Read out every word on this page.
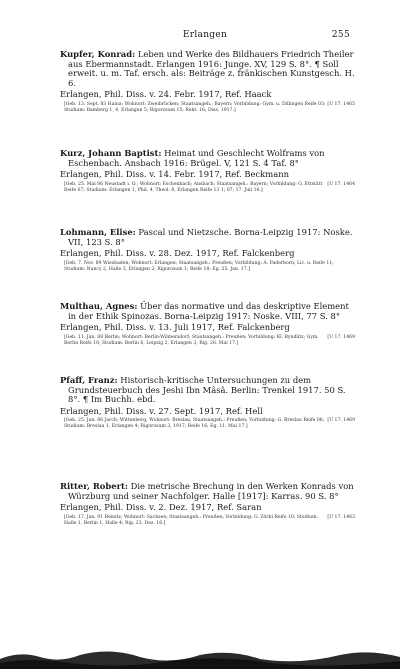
Erlangen	255
Kupfer, Konrad: Leben und Werke des Bildhauers Friedrich Theiler aus Ebermannstadt. Erlangen 1916: Junge. XV, 129 S. 8°. ¶ Soll erweit. u. m. Taf. ersch. als: Beiträge z. fränkischen Kunstgesch. H. 6.
Erlangen, Phil. Diss. v. 24. Febr. 1917, Ref. Haack
[U 17. 1465
[Geb. 13. Sept. 83 Haina; Wohnort: Zweibrücken; Staatsangeh.: Bayern; Vorbildung: Gym. u. Dillingen Reife 03; Studium: Bamberg 1, 4, Erlangen 5; Rigorosum 15; Rekt. 16; Diss. 1917.]
Kurz, Johann Baptist: Heimat und Geschlecht Wolframs von Eschenbach. Ansbach 1916: Brügel. V, 121 S. 4 Taf. 8°
Erlangen, Phil. Diss. v. 14. Febr. 1917, Ref. Beckmann
[U 17. 1464
[Geb. 25. Mai 86 Neustadt i. O.; Wohnort: Eschenbach; Ansbach; Staatsangeh.: Bayern; Vorbildung: G. Ettstätt Reife 07; Studium: Erlangen 1, Phil. 4, Theol. 8, Erlangen Reife 13 1; 07; 17. Juli 16.]
Lohmann, Elise: Pascal und Nietzsche. Borna-Leipzig 1917: Noske. VII, 123 S. 8°
Erlangen, Phil. Diss. v. 28. Dez. 1917, Ref. Falckenberg
[Geb. 7. Nov. 89 Wiesbaden; Wohnort: Erlangen; Staatsangeh.: Preußen; Vorbildung: A. Paderborn; Lic. u. Reife 11; Studium: Nancy 2, Halle 3, Erlangen 2; Rigorosum 1; Reife 18; Eg. 25. Jan. 17.]
Multhau, Agnes: Über das normative und das deskriptive Element in der Ethik Spinozas. Borna-Leipzig 1917: Noske. VIII, 77 S. 8°
Erlangen, Phil. Diss. v. 13. Juli 1917, Ref. Falckenberg
[U 17. 1469
[Geb. 11. Jan. 88 Berlin; Wohnort: Berlin-Wilmersdorf; Staatsangeh.: Preußen; Vorbildung: Kl. Ryndlitz; Gym. Berlin Reife 10; Studium: Berlin 6, Leipzig 2, Erlangen 3; Rig. 26. Mai 17.]
Pfaff, Franz: Historisch-kritische Untersuchungen zu dem Grundsteuerbuch des Jeshi Ibn Mâsâ. Berlin: Trenkel 1917. 50 S. 8°. ¶ Im Buchh. ebd.
Erlangen, Phil. Diss. v. 27. Sept. 1917, Ref. Hell
[U 17. 1469
[Geb. 25. Jan. 86 Jarch; Wittenberg; Wohnort: Breslau; Staatsangeh.: Preußen; Vorbildung: G. Breslau Reife 06; Studium: Breslau 1, Erlangen 4; Rigorosum 3, 1917; Reife 16; Eg. 11. Mai 17.]
Ritter, Robert: Die metrische Brechung in den Werken Konrads von Würzburg und seiner Nachfolger. Halle [1917]: Karras. 90 S. 8°
Erlangen, Phil. Diss. v. 2. Dez. 1917, Ref. Saran
[U 17. 1463
[Geb. 17. Jan. 91 Beinitz; Wohnort: Sachsen; Staatsangeh.: Preußen; Vorbildung: G. Zörbi Reife 10; Studium: Halle 1, Berlin 1, Halle 4; Rig. 23. Dez. 16.]
